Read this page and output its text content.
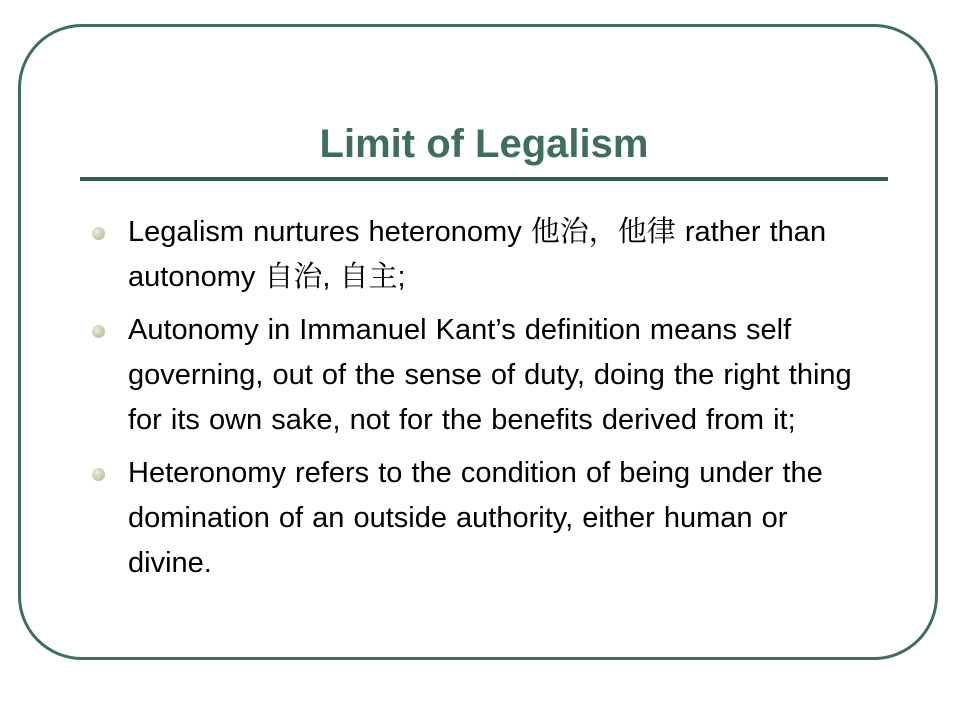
Limit of Legalism
Legalism nurtures heteronomy 他治，他律 rather than autonomy 自治, 自主;
Autonomy in Immanuel Kant’s definition means self governing, out of the sense of duty, doing the right thing for its own sake, not for the benefits derived from it;
Heteronomy refers to the condition of being under the domination of an outside authority, either human or divine.
